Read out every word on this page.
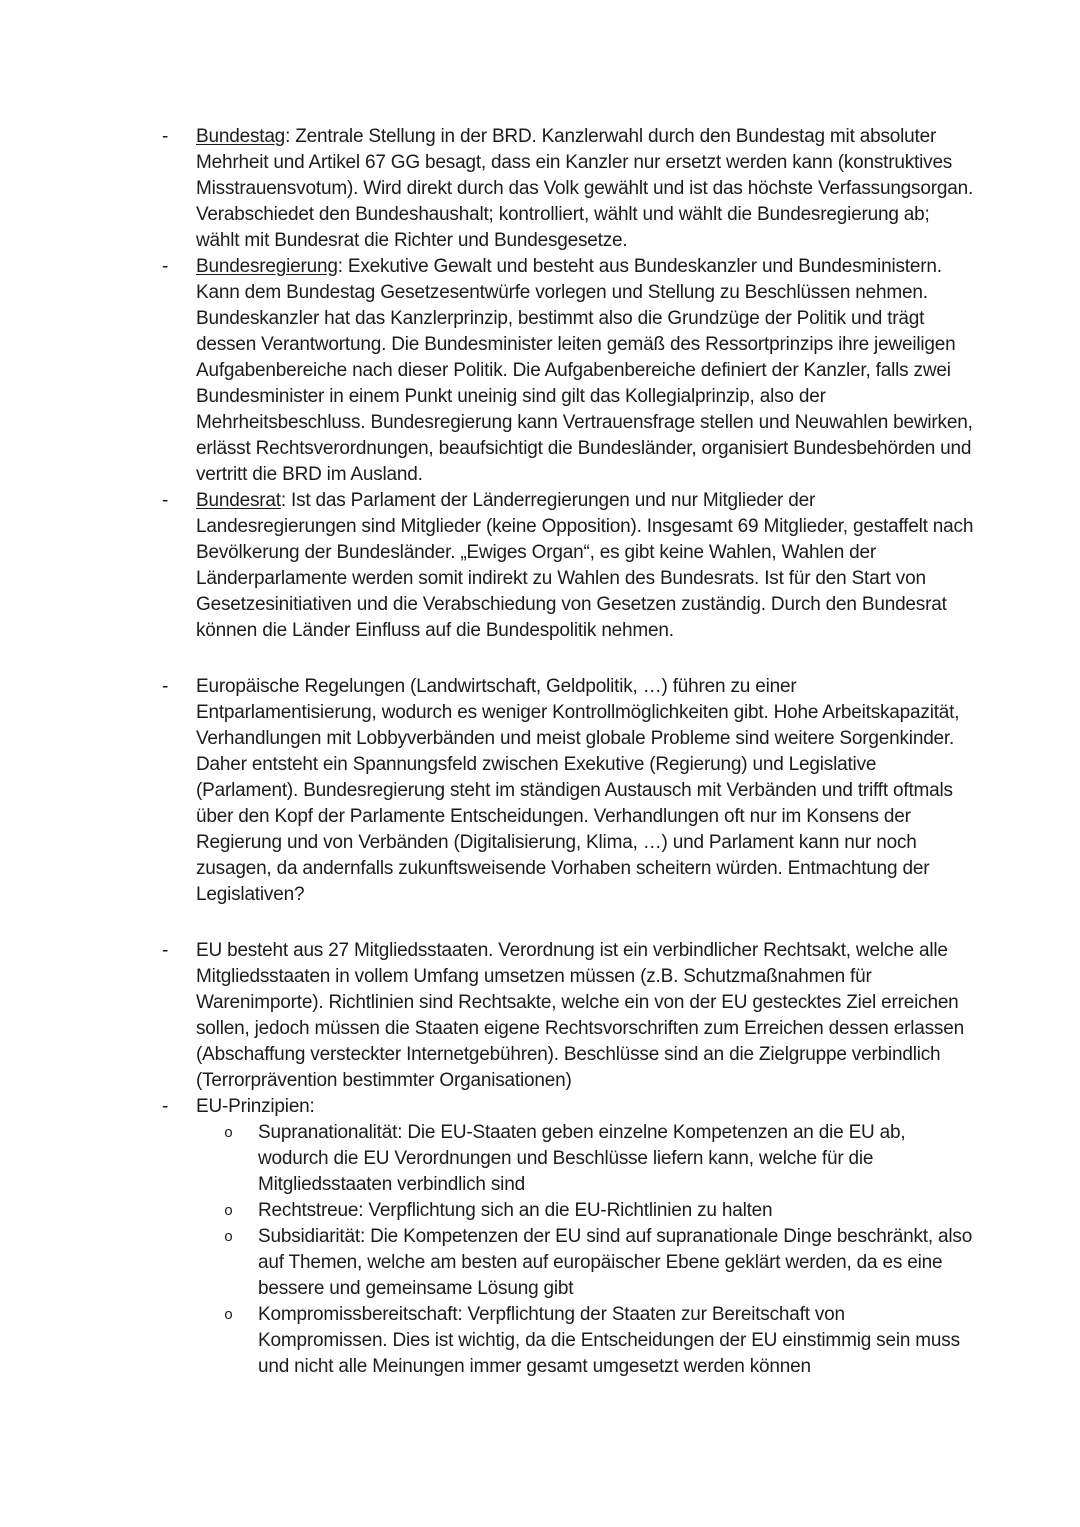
-	Bundestag: Zentrale Stellung in der BRD. Kanzlerwahl durch den Bundestag mit absoluter Mehrheit und Artikel 67 GG besagt, dass ein Kanzler nur ersetzt werden kann (konstruktives Misstrauensvotum). Wird direkt durch das Volk gewählt und ist das höchste Verfassungsorgan. Verabschiedet den Bundeshaushalt; kontrolliert, wählt und wählt die Bundesregierung ab; wählt mit Bundesrat die Richter und Bundesgesetze.
-	Bundesregierung: Exekutive Gewalt und besteht aus Bundeskanzler und Bundesministern. Kann dem Bundestag Gesetzesentwürfe vorlegen und Stellung zu Beschlüssen nehmen. Bundeskanzler hat das Kanzlerprinzip, bestimmt also die Grundzüge der Politik und trägt dessen Verantwortung. Die Bundesminister leiten gemäß des Ressortprinzips ihre jeweiligen Aufgabenbereiche nach dieser Politik. Die Aufgabenbereiche definiert der Kanzler, falls zwei Bundesminister in einem Punkt uneinig sind gilt das Kollegialprinzip, also der Mehrheitsbeschluss. Bundesregierung kann Vertrauensfrage stellen und Neuwahlen bewirken, erlässt Rechtsverordnungen, beaufsichtigt die Bundesländer, organisiert Bundesbehörden und vertritt die BRD im Ausland.
-	Bundesrat: Ist das Parlament der Länderregierungen und nur Mitglieder der Landesregierungen sind Mitglieder (keine Opposition). Insgesamt 69 Mitglieder, gestaffelt nach Bevölkerung der Bundesländer. „Ewiges Organ“, es gibt keine Wahlen, Wahlen der Länderparlamente werden somit indirekt zu Wahlen des Bundesrats. Ist für den Start von Gesetzesinitiativen und die Verabschiedung von Gesetzen zuständig. Durch den Bundesrat können die Länder Einfluss auf die Bundespolitik nehmen.
-	Europäische Regelungen (Landwirtschaft, Geldpolitik, …) führen zu einer Entparlamentisierung, wodurch es weniger Kontrollmöglichkeiten gibt. Hohe Arbeitskapazität, Verhandlungen mit Lobbyverbänden und meist globale Probleme sind weitere Sorgenkinder. Daher entsteht ein Spannungsfeld zwischen Exekutive (Regierung) und Legislative (Parlament). Bundesregierung steht im ständigen Austausch mit Verbänden und trifft oftmals über den Kopf der Parlamente Entscheidungen. Verhandlungen oft nur im Konsens der Regierung und von Verbänden (Digitalisierung, Klima, …) und Parlament kann nur noch zusagen, da andernfalls zukunftsweisende Vorhaben scheitern würden. Entmachtung der Legislativen?
-	EU besteht aus 27 Mitgliedsstaaten. Verordnung ist ein verbindlicher Rechtsakt, welche alle Mitgliedsstaaten in vollem Umfang umsetzen müssen (z.B. Schutzmaßnahmen für Warenimporte). Richtlinien sind Rechtsakte, welche ein von der EU gestecktes Ziel erreichen sollen, jedoch müssen die Staaten eigene Rechtsvorschriften zum Erreichen dessen erlassen (Abschaffung versteckter Internetgebühren). Beschlüsse sind an die Zielgruppe verbindlich (Terrorprävention bestimmter Organisationen)
-	EU-Prinzipien:
o Supranationalität: Die EU-Staaten geben einzelne Kompetenzen an die EU ab, wodurch die EU Verordnungen und Beschlüsse liefern kann, welche für die Mitgliedsstaaten verbindlich sind
o Rechtstreue: Verpflichtung sich an die EU-Richtlinien zu halten
o Subsidiarität: Die Kompetenzen der EU sind auf supranationale Dinge beschränkt, also auf Themen, welche am besten auf europäischer Ebene geklärt werden, da es eine bessere und gemeinsame Lösung gibt
o Kompromissbereitschaft: Verpflichtung der Staaten zur Bereitschaft von Kompromissen. Dies ist wichtig, da die Entscheidungen der EU einstimmig sein muss und nicht alle Meinungen immer gesamt umgesetzt werden können
